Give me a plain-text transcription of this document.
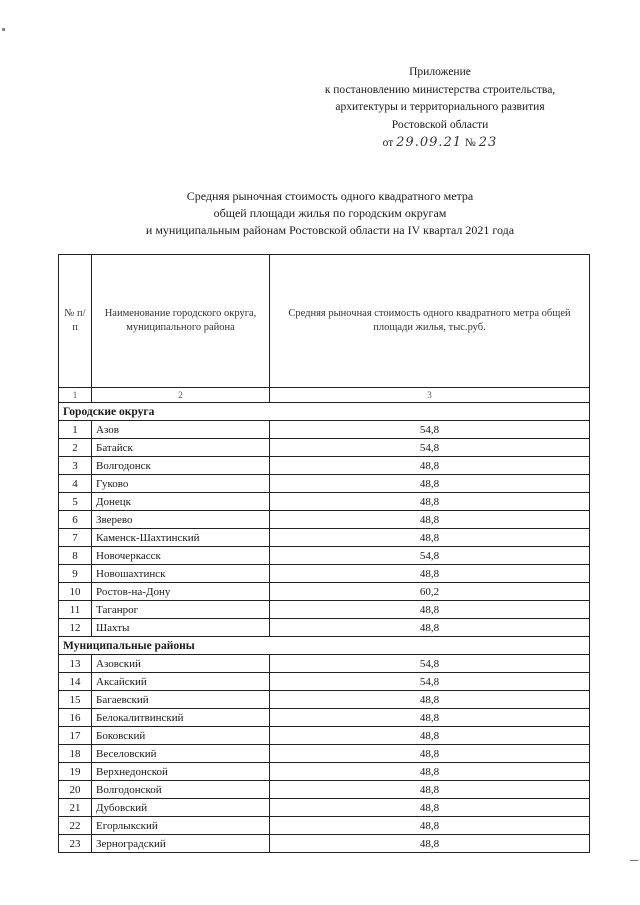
Приложение
к постановлению министерства строительства,
архитектуры и территориального развития
Ростовской области
от 29.09.21 № 23
Средняя рыночная стоимость одного квадратного метра
общей площади жилья по городским округам
и муниципальным районам Ростовской области на IV квартал 2021 года
№ п/п	Наименование городского округа, муниципального района	Средняя рыночная стоимость одного квадратного метра общей площади жилья, тыс.руб.
1	2	3
Городские округа		
1	Азов	54,8
2	Батайск	54,8
3	Волгодонск	48,8
4	Гуково	48,8
5	Донецк	48,8
6	Зверево	48,8
7	Каменск-Шахтинский	48,8
8	Новочеркасск	54,8
9	Новошахтинск	48,8
10	Ростов-на-Дону	60,2
11	Таганрог	48,8
12	Шахты	48,8
Муниципальные районы		
13	Азовский	54,8
14	Аксайский	54,8
15	Багаевский	48,8
16	Белокалитвинский	48,8
17	Боковский	48,8
18	Веселовский	48,8
19	Верхнедонской	48,8
20	Волгодонской	48,8
21	Дубовский	48,8
22	Егорлыкский	48,8
23	Зерноградский	48,8
